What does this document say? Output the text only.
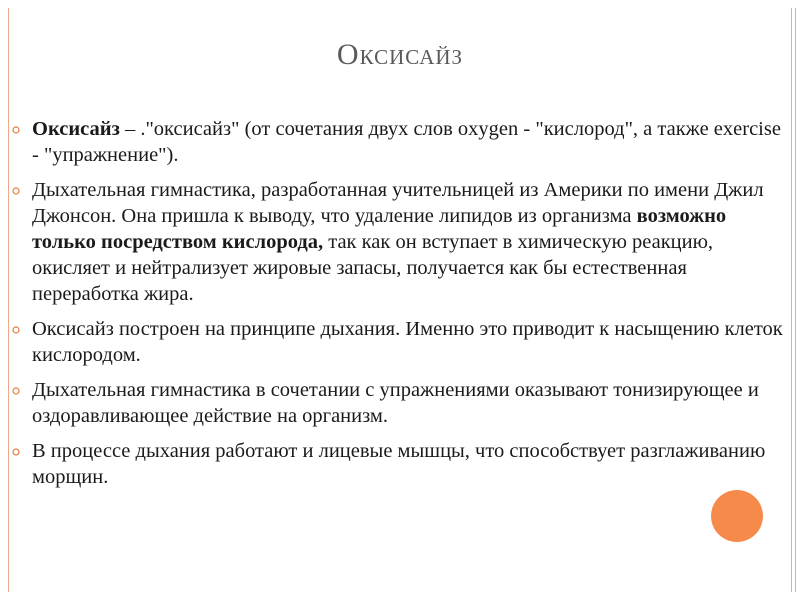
Оксисайз
Оксисайз – ."оксисайз" (от сочетания двух слов oxygen - "кислород", а также exercise - "упражнение").
Дыхательная гимнастика, разработанная учительницей из Америки по имени Джил Джонсон. Она пришла к выводу, что удаление липидов из организма возможно только посредством кислорода, так как он вступает в химическую реакцию, окисляет и нейтрализует жировые запасы, получается как бы естественная переработка жира.
Оксисайз построен на принципе дыхания. Именно это приводит к насыщению клеток кислородом.
Дыхательная гимнастика в сочетании с упражнениями оказывают тонизирующее и оздоравливающее действие на организм.
В процессе дыхания работают и лицевые мышцы, что способствует разглаживанию морщин.
